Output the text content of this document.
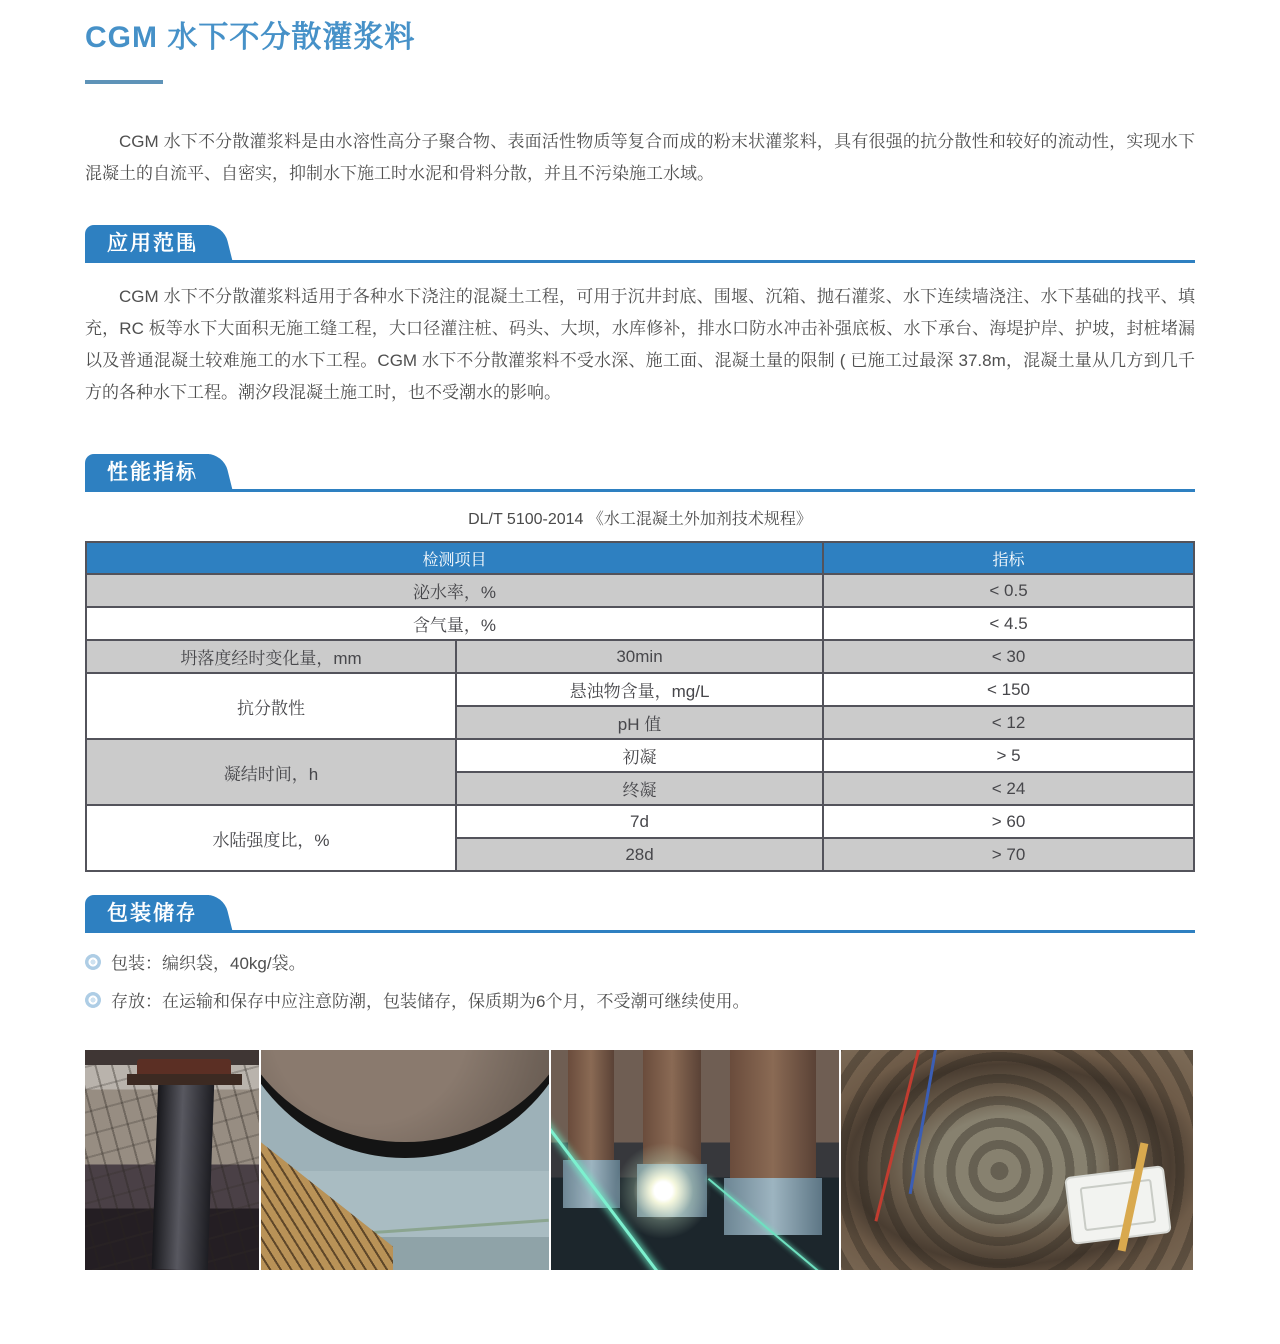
CGM 水下不分散灌浆料

CGM 水下不分散灌浆料是由水溶性高分子聚合物、表面活性物质等复合而成的粉末状灌浆料，具有很强的抗分散性和较好的流动性，实现水下混凝土的自流平、自密实，抑制水下施工时水泥和骨料分散，并且不污染施工水域。

应用范围

CGM 水下不分散灌浆料适用于各种水下浇注的混凝土工程，可用于沉井封底、围堰、沉箱、抛石灌浆、水下连续墙浇注、水下基础的找平、填充，RC 板等水下大面积无施工缝工程，大口径灌注桩、码头、大坝，水库修补，排水口防水冲击补强底板、水下承台、海堤护岸、护坡，封桩堵漏以及普通混凝土较难施工的水下工程。CGM 水下不分散灌浆料不受水深、施工面、混凝土量的限制 ( 已施工过最深 37.8m，混凝土量从几方到几千方的各种水下工程。潮汐段混凝土施工时，也不受潮水的影响。

性能指标
DL/T 5100-2014 《水工混凝土外加剂技术规程》
检测项目		指标
泌水率，%		< 0.5
含气量，%		< 4.5
坍落度经时变化量，mm	30min	< 30
抗分散性	悬浊物含量，mg/L	< 150
	pH 值	< 12
凝结时间，h	初凝	> 5
	终凝	< 24
水陆强度比，%	7d	> 60
	28d	> 70
包装储存
包装：编织袋，40kg/袋。
存放：在运输和保存中应注意防潮，包装储存，保质期为6个月，不受潮可继续使用。
